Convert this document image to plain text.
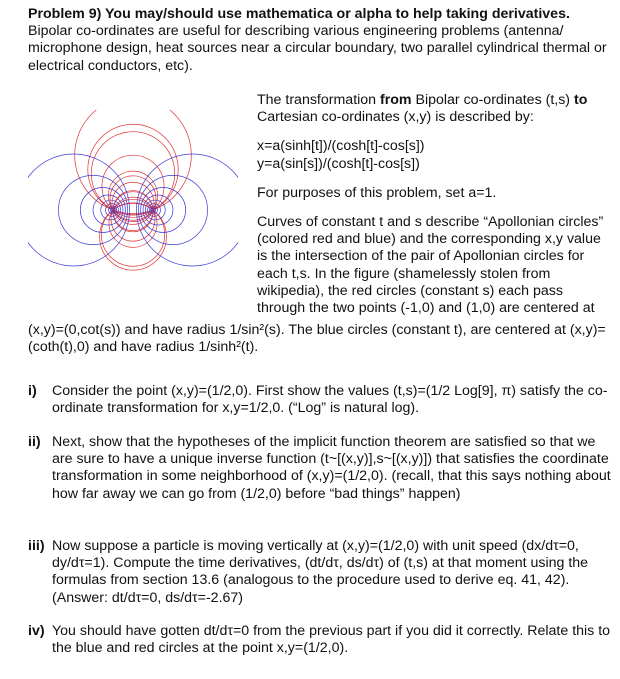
Problem 9) You may/should use mathematica or alpha to help taking derivatives.
Bipolar co-ordinates are useful for describing various engineering problems (antenna/ microphone design, heat sources near a circular boundary, two parallel cylindrical thermal or electrical conductors, etc).

The transformation from Bipolar co-ordinates (t,s) to Cartesian co-ordinates (x,y) is described by:

x=a(sinh[t])/(cosh[t]-cos[s])
y=a(sin[s])/(cosh[t]-cos[s])

For purposes of this problem, set a=1.

Curves of constant t and s describe “Apollonian circles” (colored red and blue) and the corresponding x,y value is the intersection of the pair of Apollonian circles for each t,s. In the figure (shamelessly stolen from wikipedia), the red circles (constant s) each pass through the two points (-1,0) and (1,0) are centered at

(x,y)=(0,cot(s)) and have radius 1/sin²(s). The blue circles (constant t), are centered at (x,y)=(coth(t),0) and have radius 1/sinh²(t).

i) Consider the point (x,y)=(1/2,0). First show the values (t,s)=(1/2 Log[9], π) satisfy the co-ordinate transformation for x,y=1/2,0. (“Log” is natural log).
ii) Next, show that the hypotheses of the implicit function theorem are satisfied so that we are sure to have a unique inverse function (t~[(x,y)],s~[(x,y)]) that satisfies the coordinate transformation in some neighborhood of (x,y)=(1/2,0). (recall, that this says nothing about how far away we can go from (1/2,0) before “bad things” happen)
iii) Now suppose a particle is moving vertically at (x,y)=(1/2,0) with unit speed (dx/dτ=0, dy/dτ=1). Compute the time derivatives, (dt/dτ, ds/dτ) of (t,s) at that moment using the formulas from section 13.6 (analogous to the procedure used to derive eq. 41, 42). (Answer: dt/dτ=0, ds/dτ=-2.67)
iv) You should have gotten dt/dτ=0 from the previous part if you did it correctly. Relate this to the blue and red circles at the point x,y=(1/2,0).
